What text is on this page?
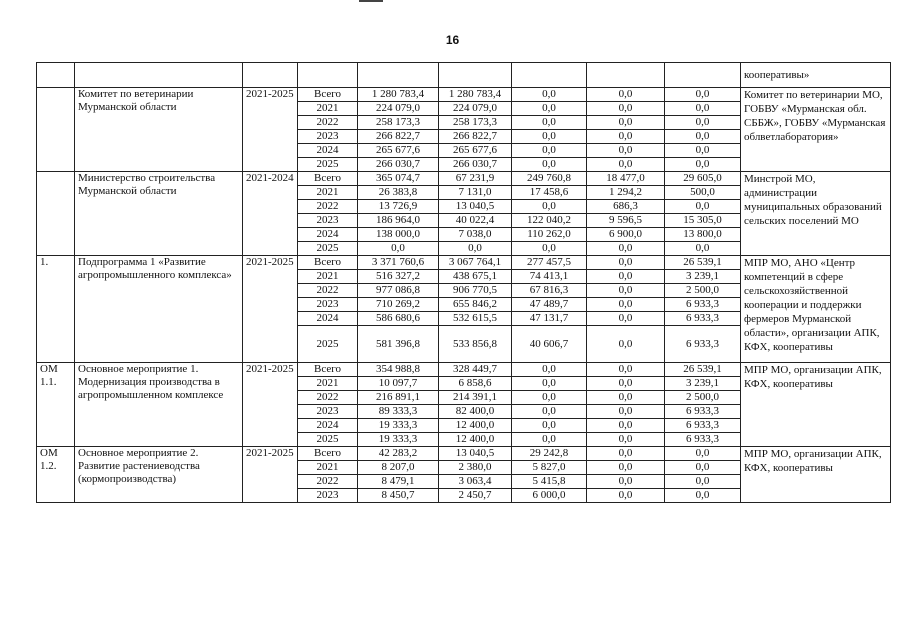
16
									кооперативы»
	Комитет по ветеринарии Мурманской области	2021-2025	Всего	1 280 783,4	1 280 783,4	0,0	0,0	0,0	Комитет по ветеринарии МО, ГОБВУ «Мурманская обл. СББЖ», ГОБВУ «Мурманская облветлаборатория»
			2021	224 079,0	224 079,0	0,0	0,0	0,0	
			2022	258 173,3	258 173,3	0,0	0,0	0,0	
			2023	266 822,7	266 822,7	0,0	0,0	0,0	
			2024	265 677,6	265 677,6	0,0	0,0	0,0	
			2025	266 030,7	266 030,7	0,0	0,0	0,0	
	Министерство строительства Мурманской области	2021-2024	Всего	365 074,7	67 231,9	249 760,8	18 477,0	29 605,0	Минстрой МО, администрации муниципальных образований сельских поселений МО
			2021	26 383,8	7 131,0	17 458,6	1 294,2	500,0	
			2022	13 726,9	13 040,5	0,0	686,3	0,0	
			2023	186 964,0	40 022,4	122 040,2	9 596,5	15 305,0	
			2024	138 000,0	7 038,0	110 262,0	6 900,0	13 800,0	
			2025	0,0	0,0	0,0	0,0	0,0	
1.	Подпрограмма 1 «Развитие агропромышленного комплекса»	2021-2025	Всего	3 371 760,6	3 067 764,1	277 457,5	0,0	26 539,1	МПР МО, АНО «Центр компетенций в сфере сельскохозяйственной кооперации и поддержки фермеров Мурманской области», организации АПК, КФХ, кооперативы
			2021	516 327,2	438 675,1	74 413,1	0,0	3 239,1	
			2022	977 086,8	906 770,5	67 816,3	0,0	2 500,0	
			2023	710 269,2	655 846,2	47 489,7	0,0	6 933,3	
			2024	586 680,6	532 615,5	47 131,7	0,0	6 933,3	
			2025	581 396,8	533 856,8	40 606,7	0,0	6 933,3	
ОМ 1.1.	Основное мероприятие 1. Модернизация производства в агропромышленном комплексе	2021-2025	Всего	354 988,8	328 449,7	0,0	0,0	26 539,1	МПР МО, организации АПК, КФХ, кооперативы
			2021	10 097,7	6 858,6	0,0	0,0	3 239,1	
			2022	216 891,1	214 391,1	0,0	0,0	2 500,0	
			2023	89 333,3	82 400,0	0,0	0,0	6 933,3	
			2024	19 333,3	12 400,0	0,0	0,0	6 933,3	
			2025	19 333,3	12 400,0	0,0	0,0	6 933,3	
ОМ 1.2.	Основное мероприятие 2. Развитие растениеводства (кормопроизводства)	2021-2025	Всего	42 283,2	13 040,5	29 242,8	0,0	0,0	МПР МО, организации АПК, КФХ, кооперативы
			2021	8 207,0	2 380,0	5 827,0	0,0	0,0	
			2022	8 479,1	3 063,4	5 415,8	0,0	0,0	
			2023	8 450,7	2 450,7	6 000,0	0,0	0,0	
